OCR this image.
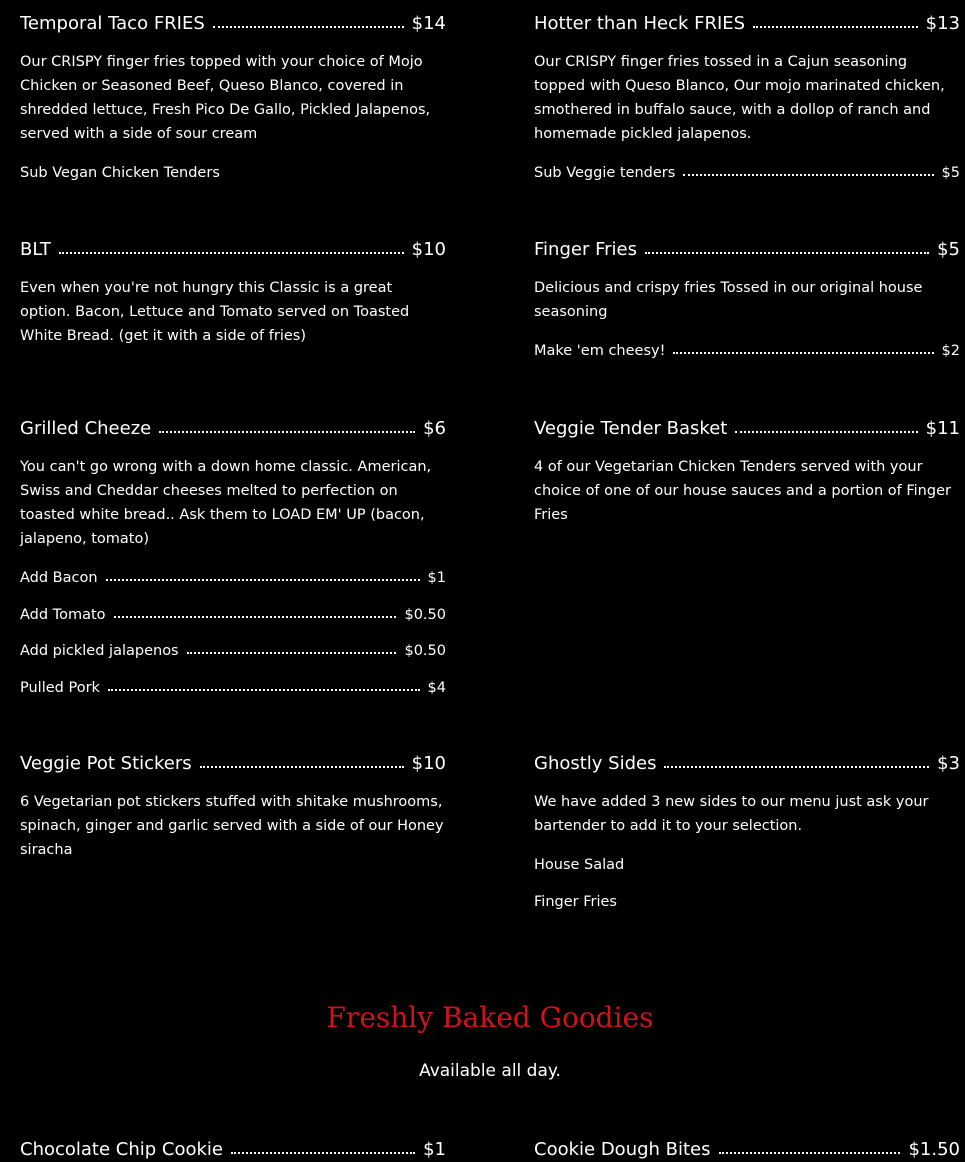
Temporal Taco FRIES	$14
Our CRISPY finger fries topped with your choice of Mojo Chicken or Seasoned Beef, Queso Blanco, covered in shredded lettuce, Fresh Pico De Gallo, Pickled Jalapenos, served with a side of sour cream
Sub Vegan Chicken Tenders
Hotter than Heck FRIES	$13
Our CRISPY finger fries tossed in a Cajun seasoning topped with Queso Blanco, Our mojo marinated chicken, smothered in buffalo sauce, with a dollop of ranch and homemade pickled jalapenos.
Sub Veggie tenders	$5
BLT	$10
Even when you're not hungry this Classic is a great option. Bacon, Lettuce and Tomato served on Toasted White Bread. (get it with a side of fries)
Finger Fries	$5
Delicious and crispy fries Tossed in our original house seasoning
Make 'em cheesy!	$2
Grilled Cheeze	$6
You can't go wrong with a down home classic. American, Swiss and Cheddar cheeses melted to perfection on toasted white bread.. Ask them to LOAD EM' UP (bacon, jalapeno, tomato)
Add Bacon	$1
Add Tomato	$0.50
Add pickled jalapenos	$0.50
Pulled Pork	$4
Veggie Tender Basket	$11
4 of our Vegetarian Chicken Tenders served with your choice of one of our house sauces and a portion of Finger Fries
Veggie Pot Stickers	$10
6 Vegetarian pot stickers stuffed with shitake mushrooms, spinach, ginger and garlic served with a side of our Honey siracha
Ghostly Sides	$3
We have added 3 new sides to our menu just ask your bartender to add it to your selection.
House Salad
Finger Fries
Freshly Baked Goodies
Available all day.
Chocolate Chip Cookie	$1	Cookie Dough Bites	$1.50
